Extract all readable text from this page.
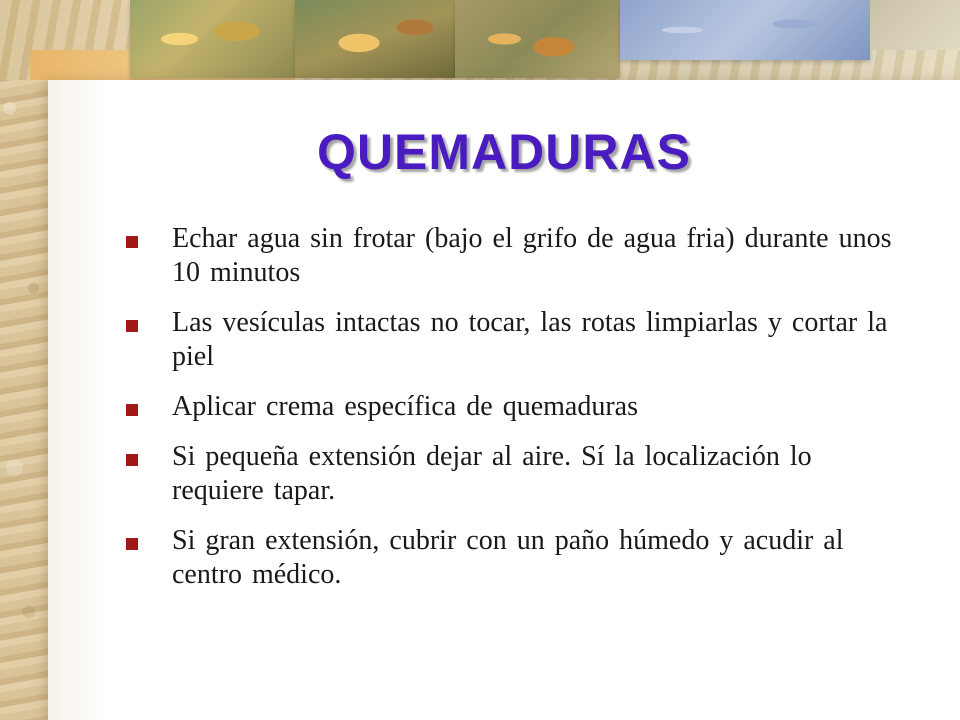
QUEMADURAS
Echar agua sin frotar (bajo el grifo de agua fria) durante unos 10 minutos
Las vesículas intactas no tocar, las rotas limpiarlas y cortar la piel
Aplicar crema específica de quemaduras
Si pequeña extensión dejar al aire. Sí la localización lo requiere tapar.
Si gran extensión, cubrir con un paño húmedo y acudir al centro médico.
